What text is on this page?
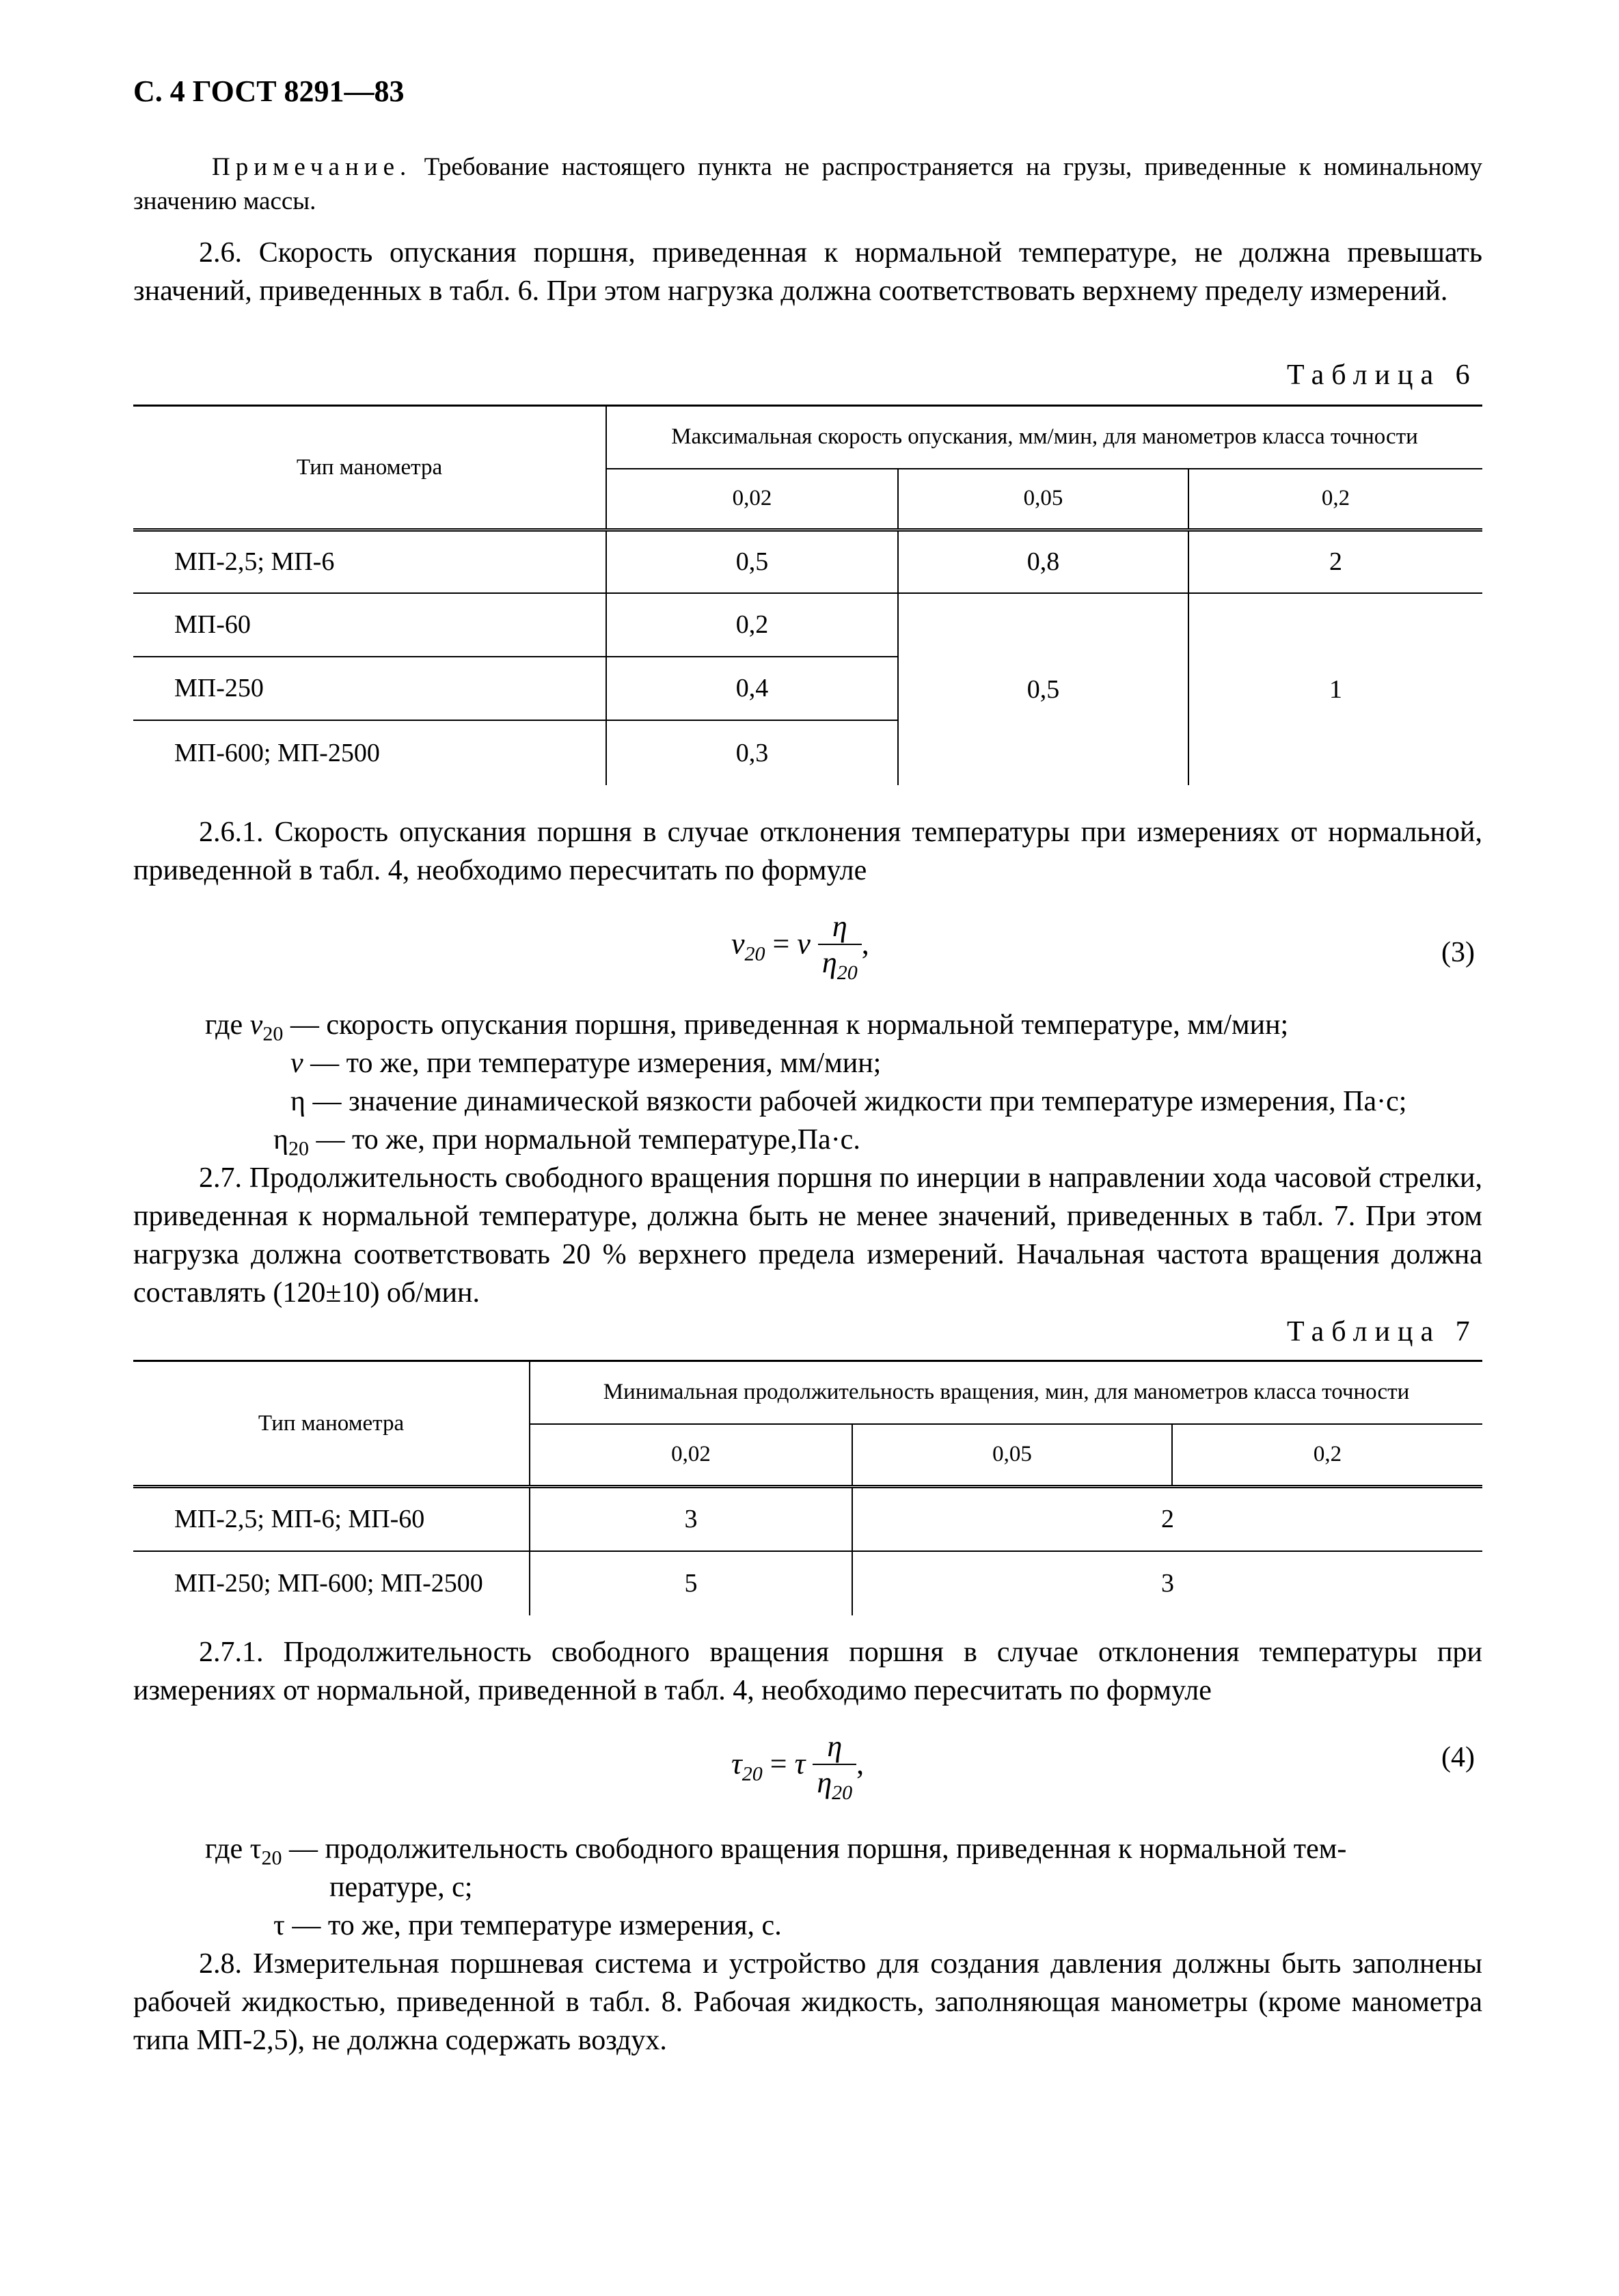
С. 4 ГОСТ 8291—83
Примечание. Требование настоящего пункта не распространяется на грузы, приведенные к номинальному значению массы.
2.6. Скорость опускания поршня, приведенная к нормальной температуре, не должна превышать значений, приведенных в табл. 6. При этом нагрузка должна соответствовать верхнему пределу измерений.
Таблица 6
Тип манометра	Максимальная скорость опускания, мм/мин, для манометров класса точности		
	0,02	0,05	0,2
МП-2,5; МП-6	0,5	0,8	2
МП-60	0,2	0,5	1
МП-250	0,4		
МП-600; МП-2500	0,3		
2.6.1. Скорость опускания поршня в случае отклонения температуры при измерениях от нормальной, приведенной в табл. 4, необходимо пересчитать по формуле
$v_{20} = v \frac{\eta}{\eta_{20}}$ ,	(3)
где $v_{20}$ — скорость опускания поршня, приведенная к нормальной температуре, мм/мин;
v — то же, при температуре измерения, мм/мин;
η — значение динамической вязкости рабочей жидкости при температуре измерения, Па·с;
$\eta_{20}$ — то же, при нормальной температуре,Па·с.
2.7. Продолжительность свободного вращения поршня по инерции в направлении хода часовой стрелки, приведенная к нормальной температуре, должна быть не менее значений, приведенных в табл. 7. При этом нагрузка должна соответствовать 20 % верхнего предела измерений. Начальная частота вращения должна составлять (120±10) об/мин.
Таблица 7
Тип манометра	Минимальная продолжительность вращения, мин, для манометров класса точности		
	0,02	0,05	0,2
МП-2,5; МП-6; МП-60	3	2	
МП-250; МП-600; МП-2500	5	3	
2.7.1. Продолжительность свободного вращения поршня в случае отклонения температуры при измерениях от нормальной, приведенной в табл. 4, необходимо пересчитать по формуле
$\tau_{20} = \tau \frac{\eta}{\eta_{20}}$ ,	(4)
где $\tau_{20}$ — продолжительность свободного вращения поршня, приведенная к нормальной тем-
пературе, с;
τ — то же, при температуре измерения, с.
2.8. Измерительная поршневая система и устройство для создания давления должны быть заполнены рабочей жидкостью, приведенной в табл. 8. Рабочая жидкость, заполняющая манометры (кроме манометра типа МП-2,5), не должна содержать воздух.
